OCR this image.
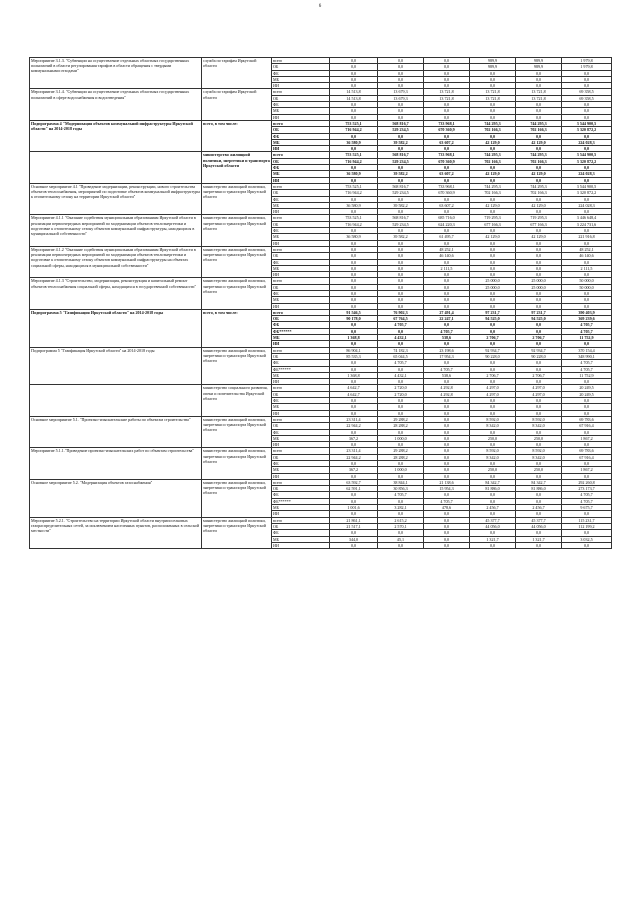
6
Мероприятие 3.1.3. "Субвенции на осуществление отдельных областных государственных полномочий в области регулирования тарифов в области обращения с твердыми коммунальными отходами"	служба по тарифам Иркутской области	всего	0,0	0,0	0,0	989,9	989,9	1 979,8
		ОБ	0,0	0,0	0,0	989,9	989,9	1 979,8
		ФБ	0,0	0,0	0,0	0,0	0,0	0,0
		МБ	0,0	0,0	0,0	0,0	0,0	0,0
		ИИ	0,0	0,0	0,0	0,0	0,0	0,0
Мероприятие 3.1.4. "Субвенции на осуществление отдельных областных государственных полномочий в сфере водоснабжения и водоотведения"	служба по тарифам Иркутской области	всего	14 513,8	13 679,3	13 721,8	13 721,8	13 721,8	69 358,5
		ОБ	14 513,8	13 679,3	13 721,8	13 721,8	13 721,8	69 358,5
		ФБ	0,0	0,0	0,0	0,0	0,0	0,0
		МБ	0,0	0,0	0,0	0,0	0,0	0,0
		ИИ	0,0	0,0	0,0	0,0	0,0	0,0
Подпрограмма 4 "Модернизация объектов коммунальной инфраструктуры Иркутской области" на 2014-2018 годы	всего, в том числе:	всего	753 525,1	568 816,7	733 968,1	744 295,3	744 295,3	3 544 900,5
		ОБ	716 944,2	529 234,5	670 360,9	702 166,3	702 166,3	3 320 872,2
		ФБ	0,0	0,0	0,0	0,0	0,0	0,0
		МБ	36 580,9	39 582,2	63 607,2	42 129,0	42 129,0	224 028,3
		ИИ	0,0	0,0	0,0	0,0	0,0	0,0
	министерство жилищной политики, энергетики и транспорта Иркутской области	всего	753 525,1	568 816,7	733 968,1	744 295,3	744 295,3	3 544 900,5
		ОБ	716 944,2	529 234,5	670 360,9	702 166,3	702 166,3	3 320 872,2
		ФБ	0,0	0,0	0,0	0,0	0,0	0,0
		МБ	36 580,9	39 582,2	63 607,2	42 129,0	42 129,0	224 028,3
		ИИ	0,0	0,0	0,0	0,0	0,0	0,0
Основное мероприятие 4.1 "Проведение модернизации, реконструкции, нового строительства объектов теплоснабжения, мероприятий по подготовке объектов коммунальной инфраструктуры к отопительному сезону на территории Иркутской области"	министерство жилищной политики, энергетики и транспорта Иркутской области	всего	753 525,1	568 816,7	733 968,1	744 295,3	744 295,3	3 544 900,5
		ОБ	716 944,2	529 234,5	670 360,9	702 166,3	702 166,3	3 320 872,2
		ФБ	0,0	0,0	0,0	0,0	0,0	0,0
		МБ	36 580,9	39 582,2	63 607,2	42 129,0	42 129,0	224 028,3
		ИИ	0,0	0,0	0,0	0,0	0,0	0,0
Мероприятие 4.1.1 "Оказание содействия муниципальным образованиям Иркутской области в реализации первоочередных мероприятий по модернизации объектов теплоэнергетики и подготовке к отопительному сезону объектов коммунальной инфраструктуры, находящихся в муниципальной собственности"	министерство жилищной политики, энергетики и транспорта Иркутской области	всего	753 525,1	568 816,7	685 716,0	719 295,3	719 295,3	3 446 648,4
		ОБ	716 944,2	529 234,5	624 220,3	677 166,3	677 166,3	3 224 731,6
		ФБ	0,0	0,0	0,0	0,0	0,0	0,0
		МБ	36 580,9	39 582,2	61 495,7	42 129,0	42 129,0	221 916,8
		ИИ	0,0	0,0	0,0	0,0	0,0	0,0
Мероприятие 4.1.2 "Оказание содействия муниципальным образованиям Иркутской области в реализации первоочередных мероприятий по модернизации объектов теплоэнергетики и подготовке к отопительному сезону объектов коммунальной инфраструктуры на объектах социальной сферы, находящихся в муниципальной собственности"	министерство жилищной политики, энергетики и транспорта Иркутской области	всего	0,0	0,0	48 252,1	0,0	0,0	48 252,1
		ОБ	0,0	0,0	46 140,6	0,0	0,0	46 140,6
		ФБ	0,0	0,0	0,0	0,0	0,0	0,0
		МБ	0,0	0,0	2 111,5	0,0	0,0	2 111,5
		ИИ	0,0	0,0	0,0	0,0	0,0	0,0
Мероприятие 4.1.3 "Строительство, модернизация, реконструкция и капитальный ремонт объектов теплоснабжения социальной сферы, находящихся в государственной собственности"	министерство жилищной политики, энергетики и транспорта Иркутской области	всего	0,0	0,0	0,0	25 000,0	25 000,0	50 000,0
		ОБ	0,0	0,0	0,0	25 000,0	25 000,0	50 000,0
		ФБ	0,0	0,0	0,0	0,0	0,0	0,0
		МБ	0,0	0,0	0,0	0,0	0,0	0,0
		ИИ	0,0	0,0	0,0	0,0	0,0	0,0
Подпрограмма 5 "Газификация Иркутской области" на 2014-2018 годы	всего, в том числе:	всего	91 546,5	76 902,3	27 491,4	97 231,7	97 231,7	390 403,9
		ОБ	90 178,0	67 764,5	22 247,1	94 525,0	94 525,0	369 239,6
		ФБ	0,0	4 705,7	0,0	0,0	0,0	4 705,7
		ФБ******	0,0	0,0	4 705,7	0,0	0,0	4 705,7
		МБ	1 368,8	4 432,1	538,6	2 706,7	2 706,7	11 752,9
		ИИ	0,0	0,0	0,0	0,0	0,0	0,0
Подпрограмма 5 "Газификация Иркутской области" на 2014-2018 годы	министерство жилищной политики, энергетики и транспорта Иркутской области	всего	86 904,1	74 182,3	23 198,6	92 934,7	92 934,7	370 154,4
		ОБ	85 535,3	65 044,5	17 954,3	90 228,0	90 228,0	348 990,1
		ФБ	0,0	4 705,7	0,0	0,0	0,0	4 705,7
		ФБ******	0,0	0,0	4 705,7	0,0	0,0	4 705,7
		МБ	1 368,8	4 432,1	538,6	2 706,7	2 706,7	11 752,9
		ИИ	0,0	0,0	0,0	0,0	0,0	0,0
	министерство социального развития, опеки и попечительства Иркутской области	всего	4 642,7	2 720,0	4 292,8	4 297,0	4 297,0	20 249,5
		ОБ	4 642,7	2 720,0	4 292,8	4 297,0	4 297,0	20 249,5
		ФБ	0,0	0,0	0,0	0,0	0,0	0,0
		МБ	0,0	0,0	0,0	0,0	0,0	0,0
		ИИ	0,0	0,0	0,0	0,0	0,0	0,0
Основное мероприятие 5.1. "Проектно-изыскательские работы по объектам строительства"	министерство жилищной политики, энергетики и транспорта Иркутской области	всего	23 311,4	29 288,2	0,0	8 592,0	8 592,0	69 783,6
		ОБ	22 944,2	28 288,2	0,0	8 342,0	8 342,0	67 916,4
		ФБ	0,0	0,0	0,0	0,0	0,0	0,0
		МБ	367,2	1 000,0	0,0	250,0	250,0	1 867,2
		ИИ	0,0	0,0	0,0	0,0	0,0	0,0
Мероприятие 5.1.1."Проведение проектно-изыскательских работ по объектам строительства"	министерство жилищной политики, энергетики и транспорта Иркутской области	всего	23 311,4	29 288,2	0,0	8 592,0	8 592,0	69 783,6
		ОБ	22 944,2	28 288,2	0,0	8 342,0	8 342,0	67 916,4
		ФБ	0,0	0,0	0,0	0,0	0,0	0,0
		МБ	367,2	1 000,0	0,0	250,0	250,0	1 867,2
		ИИ	0,0	0,0	0,0	0,0	0,0	0,0
Основное мероприятие 5.2. "Модернизация объектов газоснабжения"	министерство жилищной политики, энергетики и транспорта Иркутской области	всего	63 592,7	38 844,1	21 138,6	84 342,7	84 342,7	292 260,8
		ОБ	62 591,1	30 856,3	15 954,3	81 886,0	81 886,0	273 173,7
		ФБ	0,0	4 705,7	0,0	0,0	0,0	4 705,7
		ФБ******	0,0	0,0	4 705,7	0,0	0,0	4 705,7
		МБ	1 001,6	3 282,1	478,6	2 456,7	2 456,7	9 675,7
		ИИ	0,0	0,0	0,0	0,0	0,0	0,0
Мероприятие 5.2.1. "Строительство на территории Иркутской области внутрипоселковых газораспределительных сетей, за исключением населенных пунктов, расположенных в сельской местности"	министерство жилищной политики, энергетики и транспорта Иркутской области	всего	21 861,1	2 615,2	0,0	45 377,7	45 377,7	115 231,7
		ОБ	21 517,1	2 570,1	0,0	44 056,0	44 056,0	112 199,2
		ФБ	0,0	0,0	0,0	0,0	0,0	0,0
		МБ	344,0	45,1	0,0	1 321,7	1 321,7	3 032,5
		ИИ	0,0	0,0	0,0	0,0	0,0	0,0
